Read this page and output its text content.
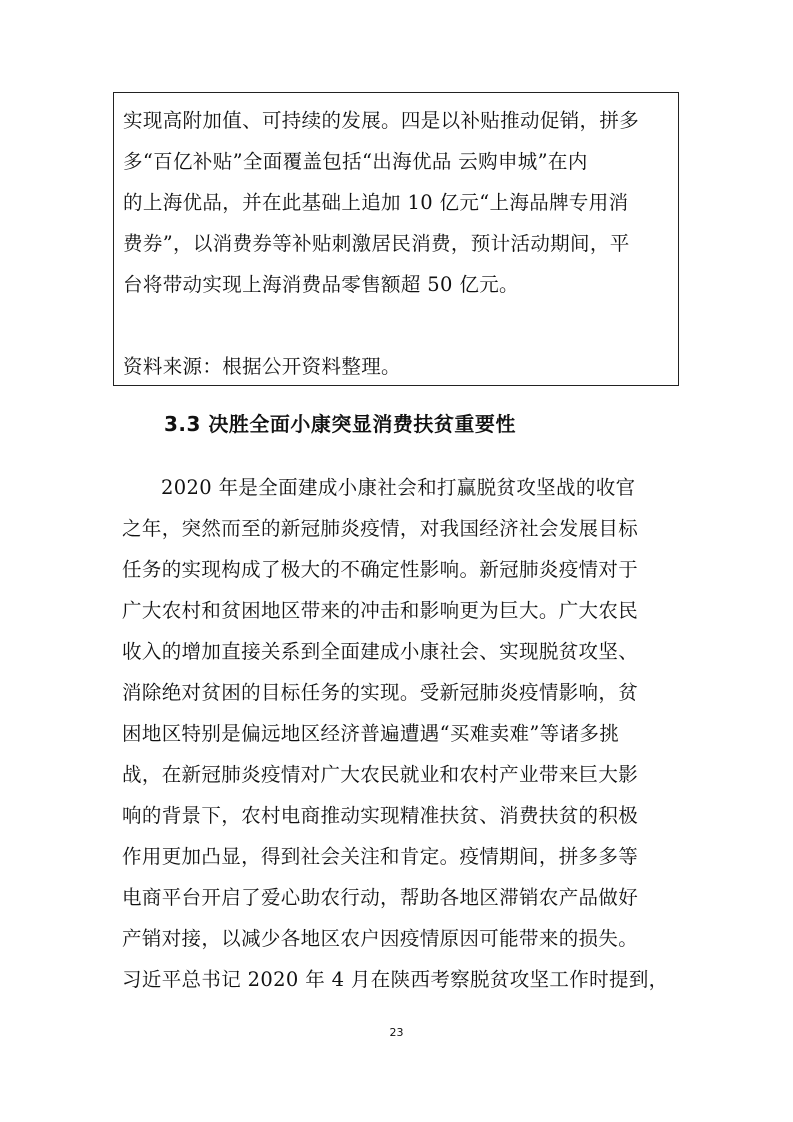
实现高附加值、可持续的发展。四是以补贴推动促销，拼多
多“百亿补贴”全面覆盖包括“出海优品 云购申城”在内
的上海优品，并在此基础上追加 10 亿元“上海品牌专用消
费券”，以消费券等补贴刺激居民消费，预计活动期间，平
台将带动实现上海消费品零售额超 50 亿元。
资料来源：根据公开资料整理。
3.3 决胜全面小康突显消费扶贫重要性
2020 年是全面建成小康社会和打赢脱贫攻坚战的收官
之年，突然而至的新冠肺炎疫情，对我国经济社会发展目标
任务的实现构成了极大的不确定性影响。新冠肺炎疫情对于
广大农村和贫困地区带来的冲击和影响更为巨大。广大农民
收入的增加直接关系到全面建成小康社会、实现脱贫攻坚、
消除绝对贫困的目标任务的实现。受新冠肺炎疫情影响，贫
困地区特别是偏远地区经济普遍遭遇“买难卖难”等诸多挑
战，在新冠肺炎疫情对广大农民就业和农村产业带来巨大影
响的背景下，农村电商推动实现精准扶贫、消费扶贫的积极
作用更加凸显，得到社会关注和肯定。疫情期间，拼多多等
电商平台开启了爱心助农行动，帮助各地区滞销农产品做好
产销对接，以减少各地区农户因疫情原因可能带来的损失。
习近平总书记 2020 年 4 月在陕西考察脱贫攻坚工作时提到，
23
